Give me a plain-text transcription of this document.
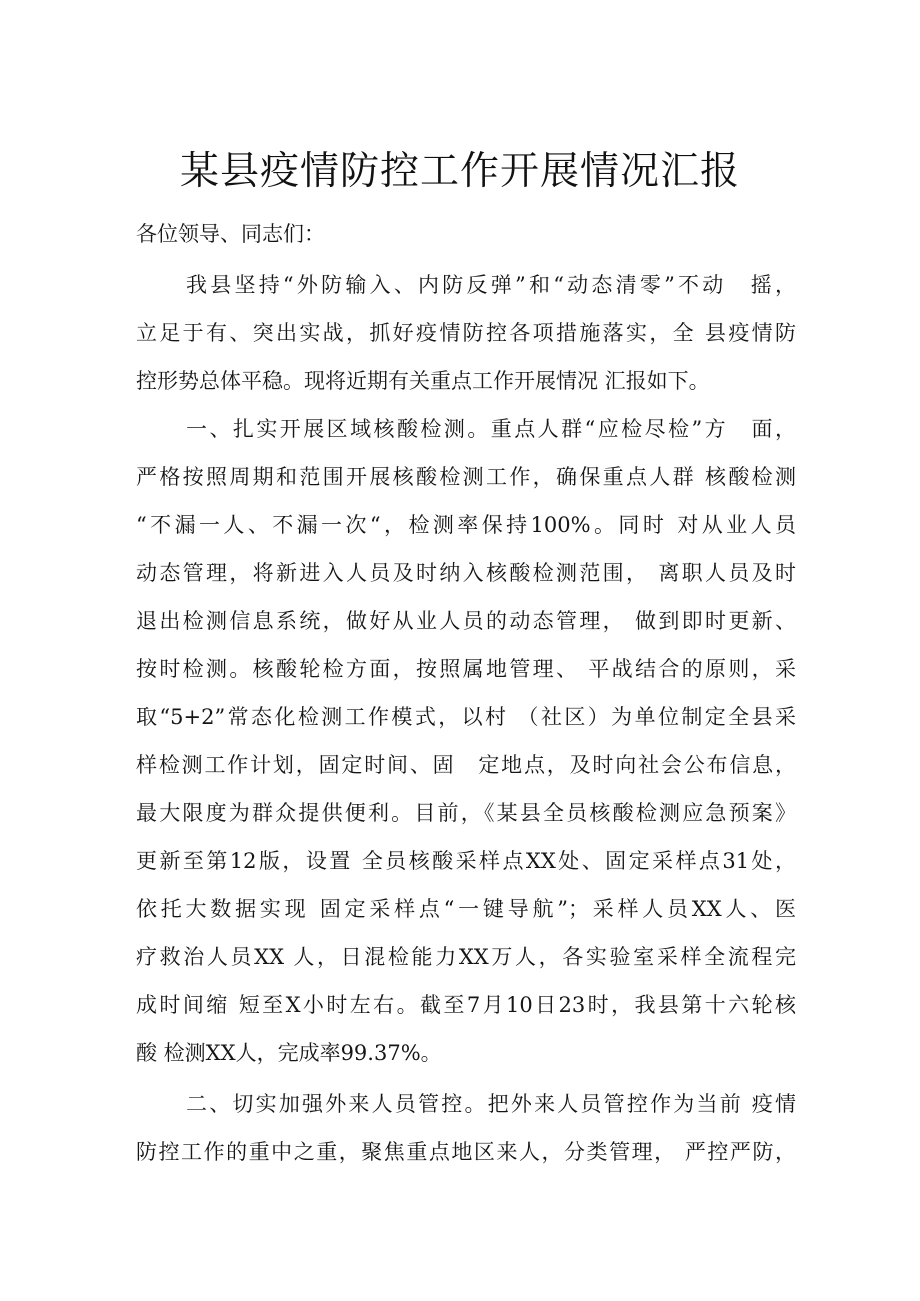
某县疫情防控工作开展情况汇报
各位领导、同志们：
我县坚持“外防输入、内防反弹”和“动态清零”不动　摇，
立足于有、突出实战，抓好疫情防控各项措施落实，全 县疫情防
控形势总体平稳。现将近期有关重点工作开展情况 汇报如下。
一、扎实开展区域核酸检测。重点人群“应检尽检”方　面，
严格按照周期和范围开展核酸检测工作，确保重点人群 核酸检测
“不漏一人、不漏一次“，检测率保持100%。同时 对从业人员
动态管理，将新进入人员及时纳入核酸检测范围， 离职人员及时
退出检测信息系统，做好从业人员的动态管理， 做到即时更新、
按时检测。核酸轮检方面，按照属地管理、 平战结合的原则，采
取“5+2”常态化检测工作模式，以村 （社区）为单位制定全县采
样检测工作计划，固定时间、固　定地点，及时向社会公布信息，
最大限度为群众提供便利。目前，《某县全员核酸检测应急预案》
更新至第12版，设置 全员核酸采样点XX处、固定采样点31处，
依托大数据实现 固定采样点“一键导航”；采样人员XX人、医
疗救治人员XX 人，日混检能力XX万人，各实验室采样全流程完
成时间缩 短至X小时左右。截至7月10日23时，我县第十六轮核
酸 检测XX人，完成率99.37%。
二、切实加强外来人员管控。把外来人员管控作为当前 疫情
防控工作的重中之重，聚焦重点地区来人，分类管理， 严控严防，
